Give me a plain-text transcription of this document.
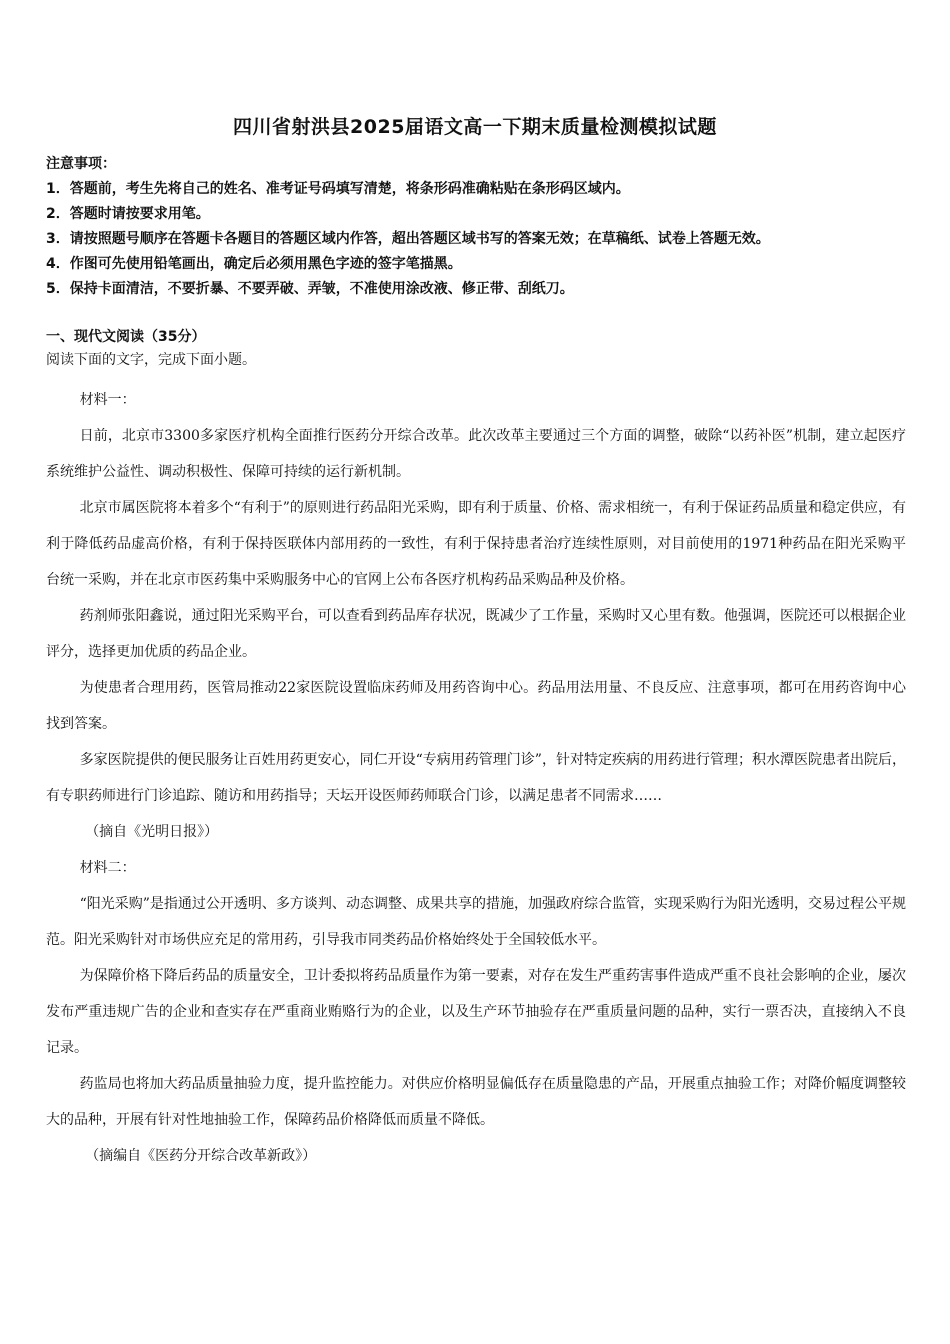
四川省射洪县2025届语文高一下期末质量检测模拟试题
注意事项：
1．答题前，考生先将自己的姓名、准考证号码填写清楚，将条形码准确粘贴在条形码区域内。
2．答题时请按要求用笔。
3．请按照题号顺序在答题卡各题目的答题区域内作答，超出答题区域书写的答案无效；在草稿纸、试卷上答题无效。
4．作图可先使用铅笔画出，确定后必须用黑色字迹的签字笔描黑。
5．保持卡面清洁，不要折暴、不要弄破、弄皱，不准使用涂改液、修正带、刮纸刀。
一、现代文阅读（35分）
阅读下面的文字，完成下面小题。

材料一：

日前，北京市3300多家医疗机构全面推行医药分开综合改革。此次改革主要通过三个方面的调整，破除“以药补医”机制，建立起医疗系统维护公益性、调动积极性、保障可持续的运行新机制。

北京市属医院将本着多个“有利于”的原则进行药品阳光采购，即有利于质量、价格、需求相统一，有利于保证药品质量和稳定供应，有利于降低药品虚高价格，有利于保持医联体内部用药的一致性，有利于保持患者治疗连续性原则，对目前使用的1971种药品在阳光采购平台统一采购，并在北京市医药集中采购服务中心的官网上公布各医疗机构药品采购品种及价格。

药剂师张阳鑫说，通过阳光采购平台，可以查看到药品库存状况，既减少了工作量，采购时又心里有数。他强调，医院还可以根据企业评分，选择更加优质的药品企业。

为使患者合理用药，医管局推动22家医院设置临床药师及用药咨询中心。药品用法用量、不良反应、注意事项，都可在用药咨询中心找到答案。

多家医院提供的便民服务让百姓用药更安心，同仁开设“专病用药管理门诊”，针对特定疾病的用药进行管理；积水潭医院患者出院后，有专职药师进行门诊追踪、随访和用药指导；天坛开设医师药师联合门诊，以满足患者不同需求……

（摘自《光明日报》）

材料二：

“阳光采购”是指通过公开透明、多方谈判、动态调整、成果共享的措施，加强政府综合监管，实现采购行为阳光透明，交易过程公平规范。阳光采购针对市场供应充足的常用药，引导我市同类药品价格始终处于全国较低水平。

为保障价格下降后药品的质量安全，卫计委拟将药品质量作为第一要素，对存在发生严重药害事件造成严重不良社会影响的企业，屡次发布严重违规广告的企业和查实存在严重商业贿赂行为的企业，以及生产环节抽验存在严重质量问题的品种，实行一票否决，直接纳入不良记录。

药监局也将加大药品质量抽验力度，提升监控能力。对供应价格明显偏低存在质量隐患的产品，开展重点抽验工作；对降价幅度调整较大的品种，开展有针对性地抽验工作，保障药品价格降低而质量不降低。

（摘编自《医药分开综合改革新政》）
